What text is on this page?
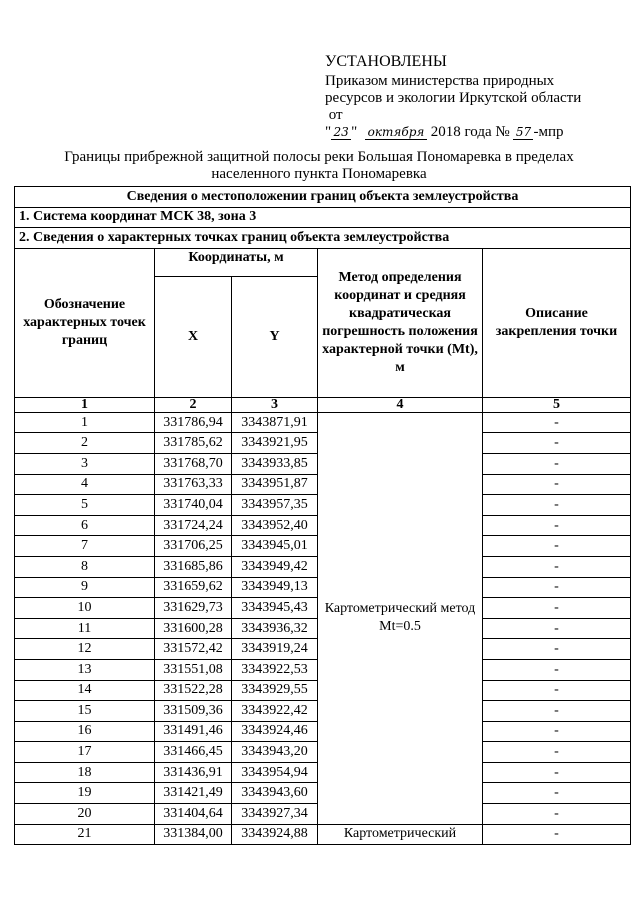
УСТАНОВЛЕНЫ
Приказом министерства природных
ресурсов и экологии Иркутской области
от
" 23 " октября 2018 года № 57 -мпр
Границы прибрежной защитной полосы реки Большая Пономаревка в пределах
населенного пункта Пономаревка
Сведения о местоположении границ объекта землеустройства				
1. Система координат МСК 38, зона 3				
2. Сведения о характерных точках границ объекта землеустройства				
Обозначение характерных точек границ	Координаты, м		Метод определения координат и средняя квадратическая погрешность положения характерной точки (Mt), м	Описание закрепления точки
	X	Y		
1	2	3	4	5
1	331786,94	3343871,91	Картометрический метод Mt=0.5	-
2	331785,62	3343921,95		-
3	331768,70	3343933,85		-
4	331763,33	3343951,87		-
5	331740,04	3343957,35		-
6	331724,24	3343952,40		-
7	331706,25	3343945,01		-
8	331685,86	3343949,42		-
9	331659,62	3343949,13		-
10	331629,73	3343945,43		-
11	331600,28	3343936,32		-
12	331572,42	3343919,24		-
13	331551,08	3343922,53		-
14	331522,28	3343929,55		-
15	331509,36	3343922,42		-
16	331491,46	3343924,46		-
17	331466,45	3343943,20		-
18	331436,91	3343954,94		-
19	331421,49	3343943,60		-
20	331404,64	3343927,34		-
21	331384,00	3343924,88	Картометрический	-
